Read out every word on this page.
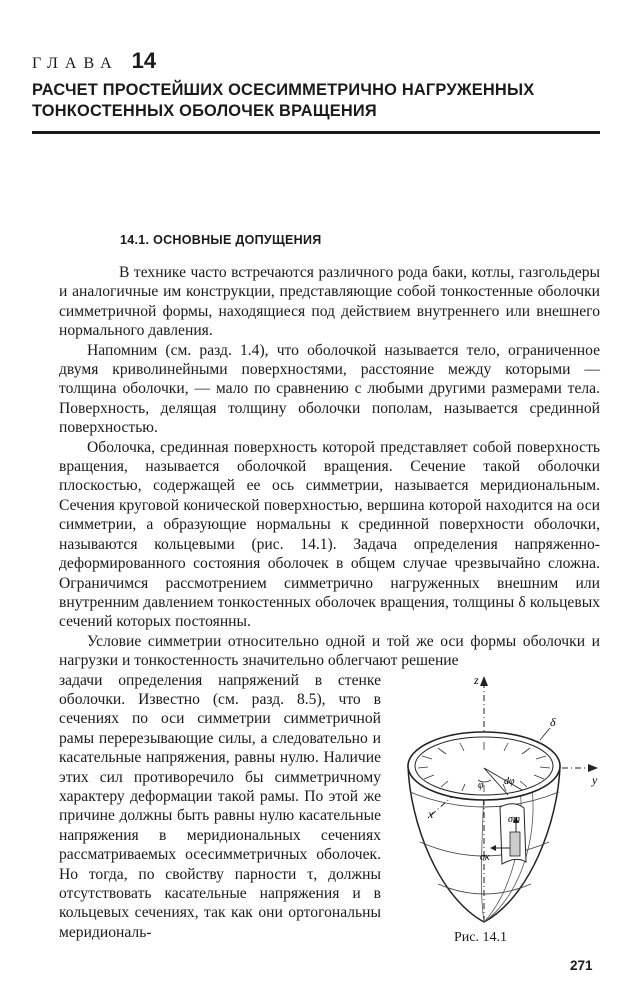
ГЛАВА 14
РАСЧЕТ ПРОСТЕЙШИХ ОСЕСИММЕТРИЧНО НАГРУЖЕННЫХ ТОНКОСТЕННЫХ ОБОЛОЧЕК ВРАЩЕНИЯ
14.1. ОСНОВНЫЕ ДОПУЩЕНИЯ

В технике часто встречаются различного рода баки, котлы, газгольдеры и аналогичные им конструкции, представляющие собой тонкостенные оболочки симметричной формы, находящиеся под действием внутреннего или внешнего нормального давления.

Напомним (см. разд. 1.4), что оболочкой называется тело, ограниченное двумя криволинейными поверхностями, расстояние между которыми — толщина оболочки, — мало по сравнению с любыми другими размерами тела. Поверхность, делящая толщину оболочки пополам, называется срединной поверхностью.

Оболочка, срединная поверхность которой представляет собой поверхность вращения, называется оболочкой вращения. Сечение такой оболочки плоскостью, содержащей ее ось симметрии, называется меридиональным. Сечения круговой конической поверхностью, вершина которой находится на оси симметрии, а образующие нормальны к срединной поверхности оболочки, называются кольцевыми (рис. 14.1). Задача определения напряженно-деформированного состояния оболочек в общем случае чрезвычайно сложна. Ограничимся рассмотрением симметрично нагруженных внешним или внутренним давлением тонкостенных оболочек вращения, толщины δ кольцевых сечений которых постоянны.

Условие симметрии относительно одной и той же оси формы оболочки и нагрузки и тонкостенность значительно облегчают решение

задачи определения напряжений в стенке оболочки. Известно (см. разд. 8.5), что в сечениях по оси симметрии симметричной рамы перерезывающие силы, а следовательно и касательные напряжения, равны нулю. Наличие этих сил противоречило бы симметричному характеру деформации такой рамы. По этой же причине должны быть равны нулю касательные напряжения в меридиональных сечениях рассматриваемых осесимметричных оболочек. Но тогда, по свойству парности τ, должны отсутствовать касательные напряжения и в кольцевых сечениях, так как они ортогональны меридиональ-

z
y
x
φ dφ
δ
σm
σк
Рис. 14.1
271
